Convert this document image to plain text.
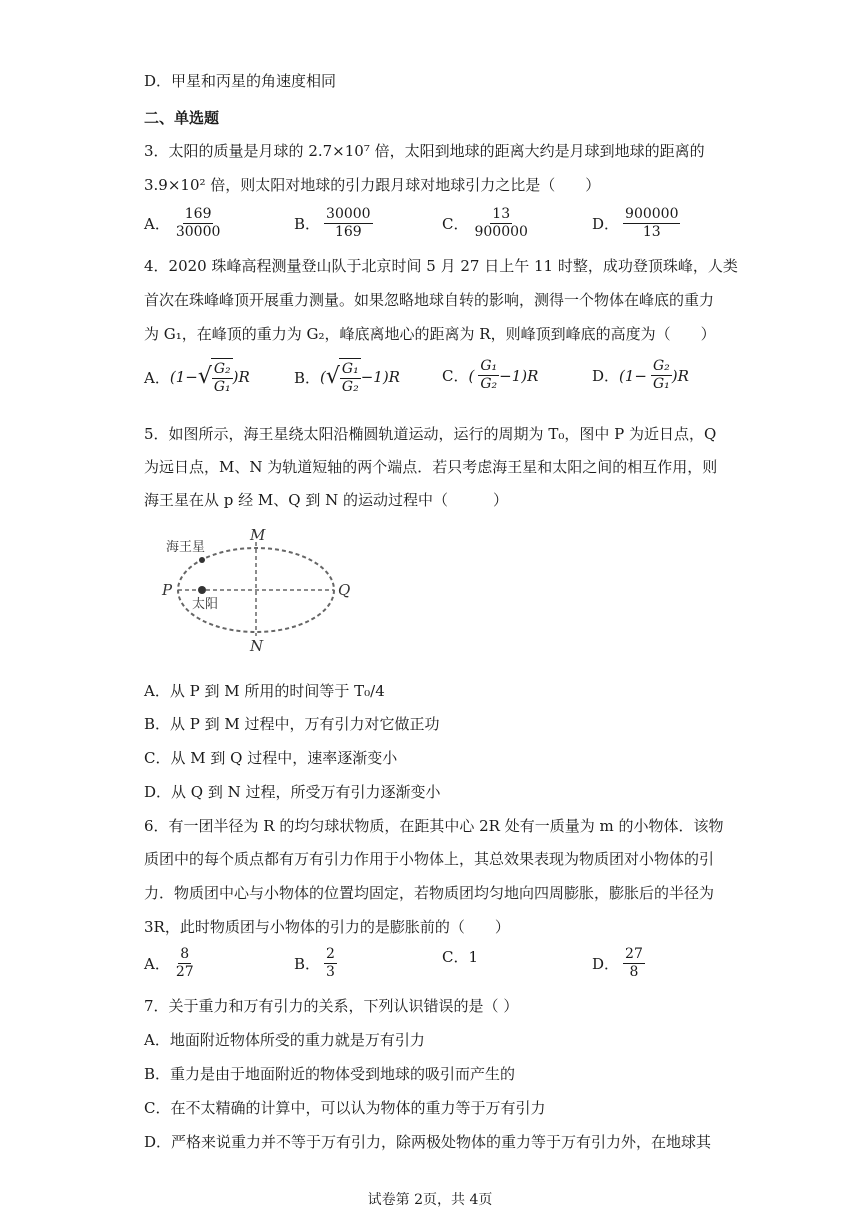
D．甲星和丙星的角速度相同
二、单选题
3．太阳的质量是月球的 2.7×10⁷ 倍，太阳到地球的距离大约是月球到地球的距离的
3.9×10² 倍，则太阳对地球的引力跟月球对地球引力之比是（　　）
A． $\frac{169}{30000}$	B． $\frac{30000}{169}$	C． $\frac{13}{900000}$	D． $\frac{900000}{13}$
4．2020 珠峰高程测量登山队于北京时间 5 月 27 日上午 11 时整，成功登顶珠峰，人类
首次在珠峰峰顶开展重力测量。如果忽略地球自转的影响，测得一个物体在峰底的重力
为 G₁，在峰顶的重力为 G₂，峰底离地心的距离为 R，则峰顶到峰底的高度为（　　）
A． (1− √ $\frac{\text{G₂}}{\text{G₁}} )R$	B． ( √ $\frac{\text{G₁}}{\text{G₂}} -1)R$	C． ( $\frac{\text{G₁}}{\text{G₂}} -1)R$	D． $(1- \frac{\text{G₂}}{\text{G₁}} )R$
5．如图所示，海王星绕太阳沿椭圆轨道运动，运行的周期为 T₀，图中 P 为近日点，Q
为远日点，M、N 为轨道短轴的两个端点．若只考虑海王星和太阳之间的相互作用，则
海王星在从 p 经 M、Q 到 N 的运动过程中（　　　）
海王星
太阳
P	Q
M
N
A．从 P 到 M 所用的时间等于 T₀/4
B．从 P 到 M 过程中，万有引力对它做正功
C．从 M 到 Q 过程中，速率逐渐变小
D．从 Q 到 N 过程，所受万有引力逐渐变小
6．有一团半径为 R 的均匀球状物质，在距其中心 2R 处有一质量为 m 的小物体．该物
质团中的每个质点都有万有引力作用于小物体上，其总效果表现为物质团对小物体的引
力．物质团中心与小物体的位置均固定，若物质团均匀地向四周膨胀，膨胀后的半径为
3R，此时物质团与小物体的引力的是膨胀前的（　　）
A． $\frac{8}{27}$	B． $\frac{2}{3}$	C． 1	D． $\frac{27}{8}$
7．关于重力和万有引力的关系，下列认识错误的是（ ）
A．地面附近物体所受的重力就是万有引力
B．重力是由于地面附近的物体受到地球的吸引而产生的
C．在不太精确的计算中，可以认为物体的重力等于万有引力
D．严格来说重力并不等于万有引力，除两极处物体的重力等于万有引力外，在地球其
试卷第 2页，共 4页
